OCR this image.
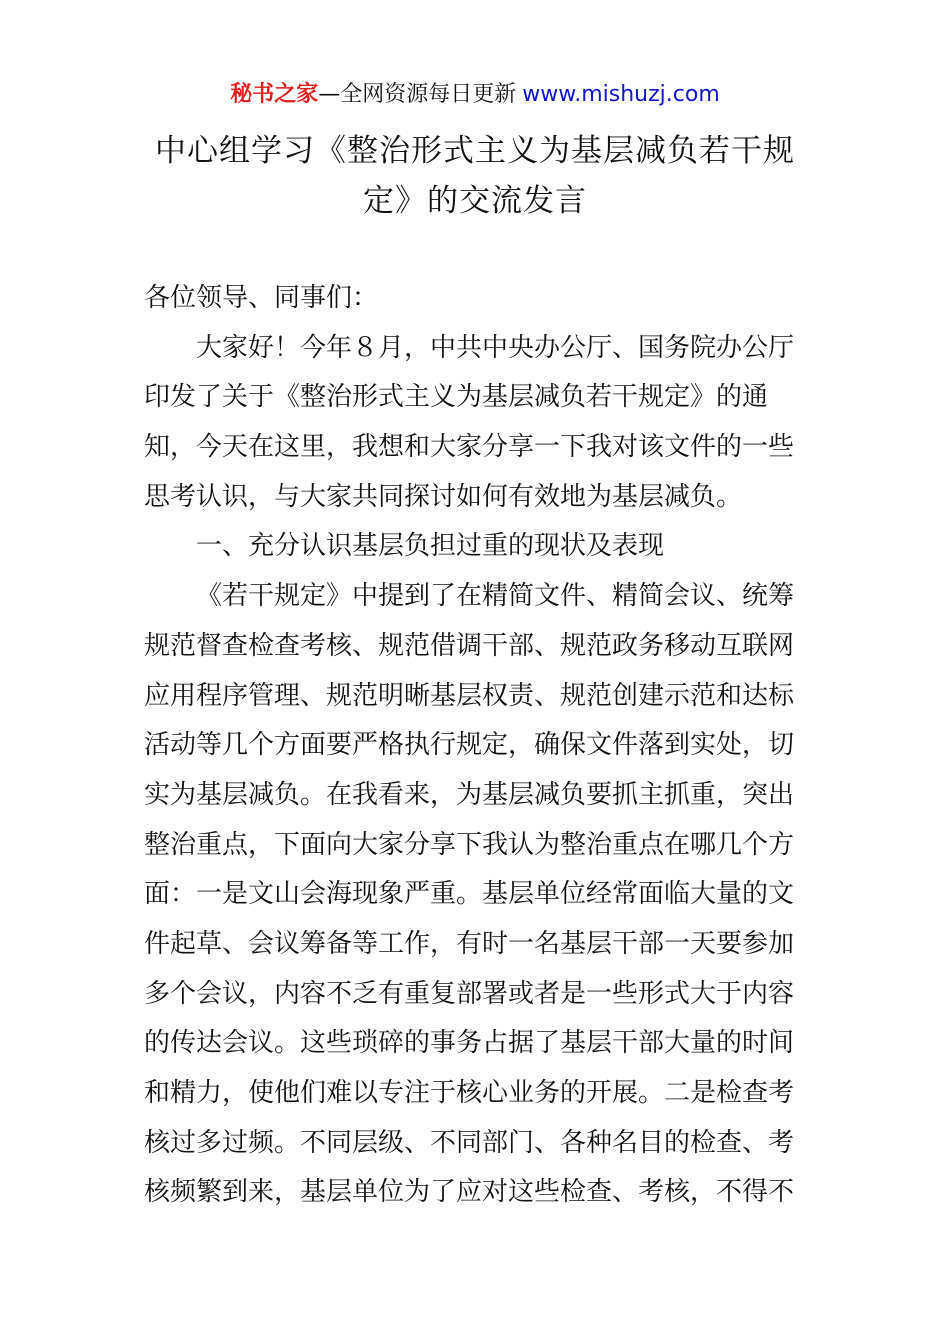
秘书之家—全网资源每日更新 www.mishuzj.com
中心组学习《整治形式主义为基层减负若干规
定》的交流发言
各位领导、同事们：
大家好！今年８月，中共中央办公厅、国务院办公厅
印发了关于《整治形式主义为基层减负若干规定》的通
知，今天在这里，我想和大家分享一下我对该文件的一些
思考认识，与大家共同探讨如何有效地为基层减负。
一、充分认识基层负担过重的现状及表现
《若干规定》中提到了在精简文件、精简会议、统筹
规范督查检查考核、规范借调干部、规范政务移动互联网
应用程序管理、规范明晰基层权责、规范创建示范和达标
活动等几个方面要严格执行规定，确保文件落到实处，切
实为基层减负。在我看来，为基层减负要抓主抓重，突出
整治重点，下面向大家分享下我认为整治重点在哪几个方
面：一是文山会海现象严重。基层单位经常面临大量的文
件起草、会议筹备等工作，有时一名基层干部一天要参加
多个会议，内容不乏有重复部署或者是一些形式大于内容
的传达会议。这些琐碎的事务占据了基层干部大量的时间
和精力，使他们难以专注于核心业务的开展。二是检查考
核过多过频。不同层级、不同部门、各种名目的检查、考
核频繁到来，基层单位为了应对这些检查、考核，不得不
